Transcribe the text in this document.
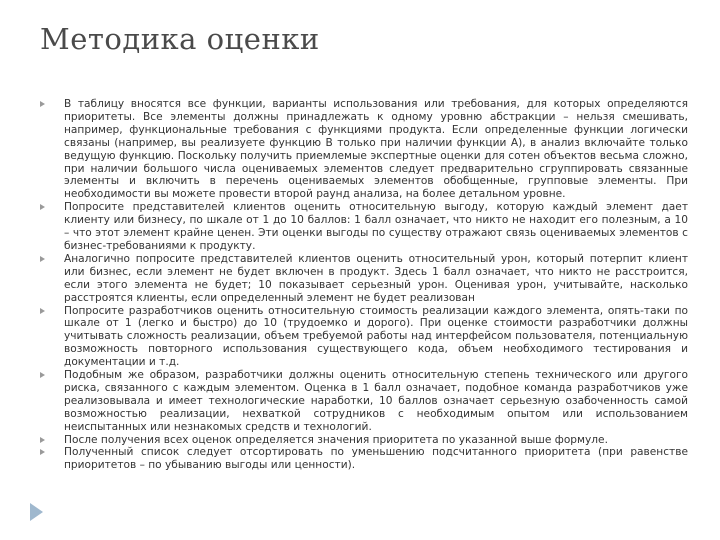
Методика оценки
В таблицу вносятся все функции, варианты использования или требования, для которых определяются приоритеты. Все элементы должны принадлежать к одному уровню абстракции – нельзя смешивать, например, функциональные требования с функциями продукта. Если определенные функции логически связаны (например, вы реализуете функцию В только при наличии функции А), в анализ включайте только ведущую функцию. Поскольку получить приемлемые экспертные оценки для сотен объектов весьма сложно, при наличии большого числа оцениваемых элементов следует предварительно сгруппировать связанные элементы и включить в перечень оцениваемых элементов обобщенные, групповые элементы. При необходимости вы можете провести второй раунд анализа, на более детальном уровне.
Попросите представителей клиентов оценить относительную выгоду, которую каждый элемент дает клиенту или бизнесу, по шкале от 1 до 10 баллов: 1 балл означает, что никто не находит его полезным, а 10 – что этот элемент крайне ценен. Эти оценки выгоды по существу отражают связь оцениваемых элементов с бизнес-требованиями к продукту.
Аналогично попросите представителей клиентов оценить относительный урон, который потерпит клиент или бизнес, если элемент не будет включен в продукт. Здесь 1 балл означает, что никто не расстроится, если этого элемента не будет; 10 показывает серьезный урон. Оценивая урон, учитывайте, насколько расстроятся клиенты, если определенный элемент не будет реализован
Попросите разработчиков оценить относительную стоимость реализации каждого элемента, опять-таки по шкале от 1 (легко и быстро) до 10 (трудоемко и дорого). При оценке стоимости разработчики должны учитывать сложность реализации, объем требуемой работы над интерфейсом пользователя, потенциальную возможность повторного использования существующего кода, объем необходимого тестирования и документации и т.д.
Подобным же образом, разработчики должны оценить относительную степень технического или другого риска, связанного с каждым элементом. Оценка в 1 балл означает, подобное команда разработчиков уже реализовывала и имеет технологические наработки, 10 баллов означает серьезную озабоченность самой возможностью реализации, нехваткой сотрудников с необходимым опытом или использованием неиспытанных или незнакомых средств и технологий.
После получения всех оценок определяется значения приоритета по указанной выше формуле.
Полученный список следует отсортировать по уменьшению подсчитанного приоритета (при равенстве приоритетов – по убыванию выгоды или ценности).
